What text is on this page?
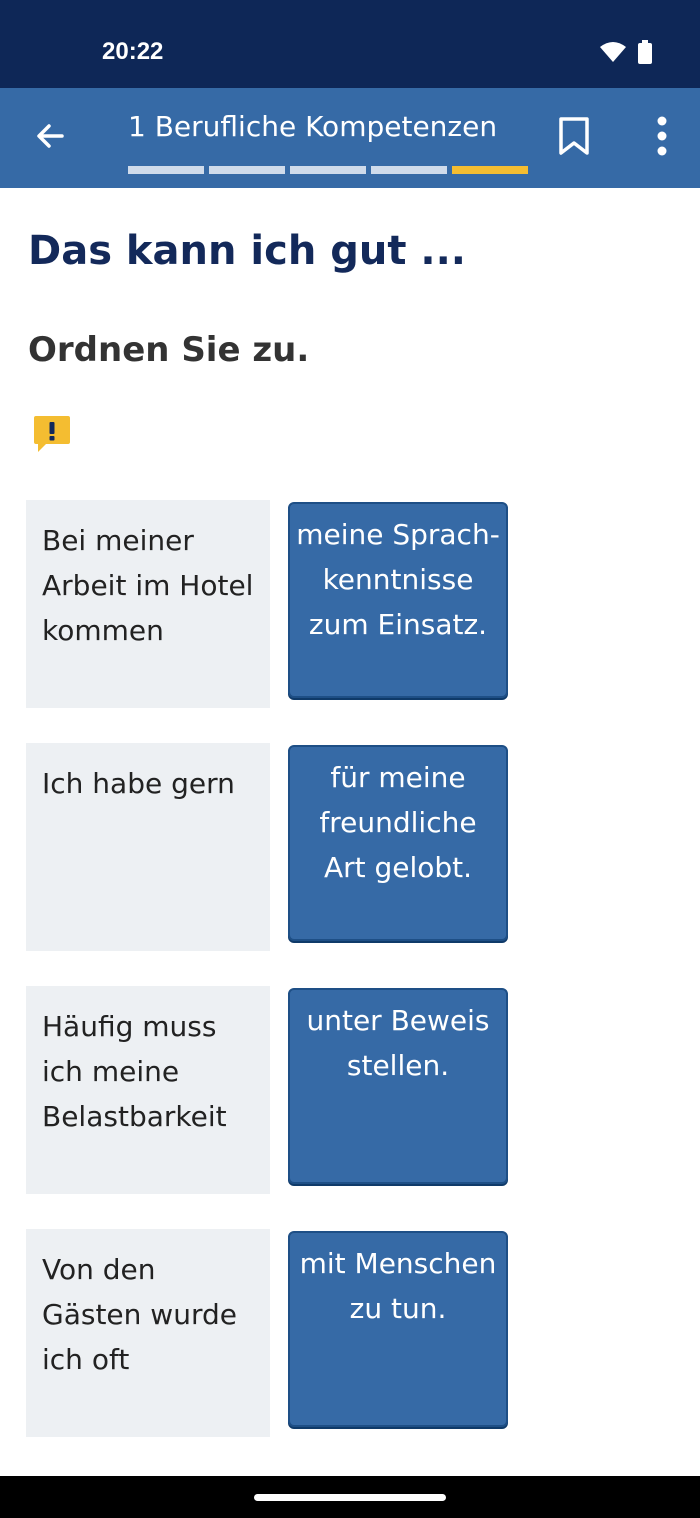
20:22
1 Berufliche Kompetenzen
Das kann ich gut ...
Ordnen Sie zu.
Bei meiner Arbeit im Hotel kommen
meine Sprach-kenntnisse zum Einsatz.
Ich habe gern	für meine freundliche Art gelobt.
Häufig muss ich meine Belastbarkeit
unter Beweis stellen.
Von den Gästen wurde ich oft
mit Menschen zu tun.
